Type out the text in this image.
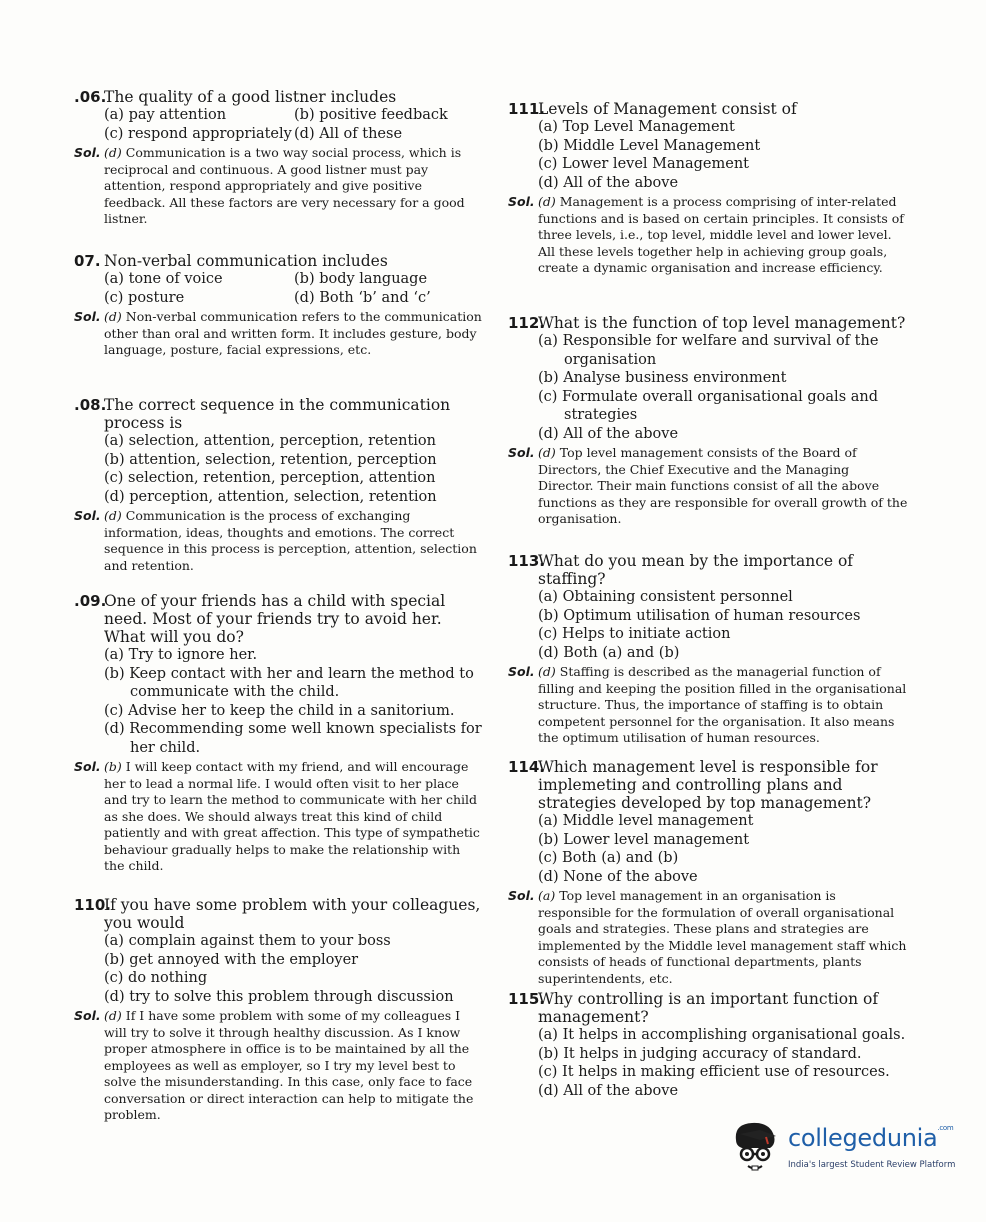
.06.
The quality of a good listner includes
(a) pay attention	(b) positive feedback
(c) respond appropriately (d) All of these
Sol. (d) Communication is a two way social process, which is reciprocal and continuous. A good listner must pay attention, respond appropriately and give positive feedback. All these factors are very necessary for a good listner.
07. Non-verbal communication includes
(a) tone of voice	(b) body language
(c) posture	(d) Both ‘b’ and ‘c’
Sol. (d) Non-verbal communication refers to the communication other than oral and written form. It includes gesture, body language, posture, facial expressions, etc.
.08.
The correct sequence in the communication process is
(a) selection, attention, perception, retention
(b) attention, selection, retention, perception
(c) selection, retention, perception, attention
(d) perception, attention, selection, retention
Sol. (d) Communication is the process of exchanging information, ideas, thoughts and emotions. The correct sequence in this process is perception, attention, selection and retention.
.09.
One of your friends has a child with special need. Most of your friends try to avoid her. What will you do?
(a) Try to ignore her.
(b) Keep contact with her and learn the method to communicate with the child.
(c) Advise her to keep the child in a sanitorium.
(d) Recommending some well known specialists for her child.
Sol. (b) I will keep contact with my friend, and will encourage her to lead a normal life. I would often visit to her place and try to learn the method to communicate with her child as she does. We should always treat this kind of child patiently and with great affection. This type of sympathetic behaviour gradually helps to make the relationship with the child.
110.
If you have some problem with your colleagues, you would
(a) complain against them to your boss
(b) get annoyed with the employer
(c) do nothing
(d) try to solve this problem through discussion
Sol. (d) If I have some problem with some of my colleagues I will try to solve it through healthy discussion. As I know proper atmosphere in office is to be maintained by all the employees as well as employer, so I try my level best to solve the misunderstanding. In this case, only face to face conversation or direct interaction can help to mitigate the problem.
111.
Levels of Management consist of
(a) Top Level Management
(b) Middle Level Management
(c) Lower level Management
(d) All of the above
Sol. (d) Management is a process comprising of inter-related functions and is based on certain principles. It consists of three levels, i.e., top level, middle level and lower level. All these levels together help in achieving group goals, create a dynamic organisation and increase efficiency.
112.
What is the function of top level management?
(a) Responsible for welfare and survival of the organisation
(b) Analyse business environment
(c) Formulate overall organisational goals and strategies
(d) All of the above
Sol. (d) Top level management consists of the Board of Directors, the Chief Executive and the Managing Director. Their main functions consist of all the above functions as they are responsible for overall growth of the organisation.
113.
What do you mean by the importance of staffing?
(a) Obtaining consistent personnel
(b) Optimum utilisation of human resources
(c) Helps to initiate action
(d) Both (a) and (b)
Sol. (d) Staffing is described as the managerial function of filling and keeping the position filled in the organisational structure. Thus, the importance of staffing is to obtain competent personnel for the organisation. It also means the optimum utilisation of human resources.
114.
Which management level is responsible for implemeting and controlling plans and strategies developed by top management?
(a) Middle level management
(b) Lower level management
(c) Both (a) and (b)
(d) None of the above
Sol. (a) Top level management in an organisation is responsible for the formulation of overall organisational goals and strategies. These plans and strategies are implemented by the Middle level management staff which consists of heads of functional departments, plants superintendents, etc.
115.
Why controlling is an important function of management?
(a) It helps in accomplishing organisational goals.
(b) It helps in judging accuracy of standard.
(c) It helps in making efficient use of resources.
(d) All of the above
collegedunia$^{.com}$
India's largest Student Review Platform
